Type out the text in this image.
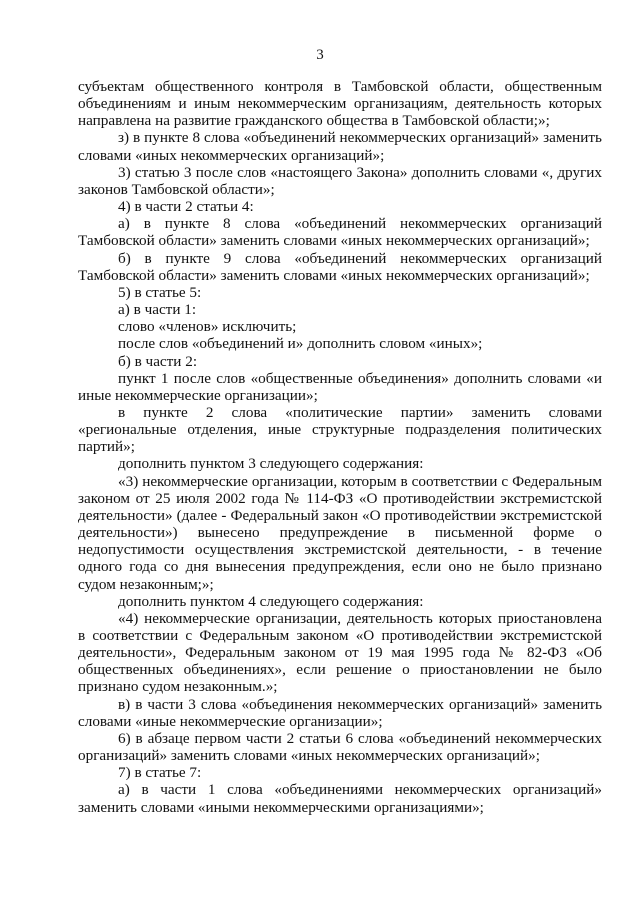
3

субъектам общественного контроля в Тамбовской области, общественным объединениям и иным некоммерческим организациям, деятельность которых направлена на развитие гражданского общества в Тамбовской области;»;

з) в пункте 8 слова «объединений некоммерческих организаций» заменить словами «иных некоммерческих организаций»;

3) статью 3 после слов «настоящего Закона» дополнить словами «, других законов Тамбовской области»;

4) в части 2 статьи 4:

а) в пункте 8 слова «объединений некоммерческих организаций Тамбовской области» заменить словами «иных некоммерческих организаций»;

б) в пункте 9 слова «объединений некоммерческих организаций Тамбовской области» заменить словами «иных некоммерческих организаций»;

5) в статье 5:

а) в части 1:

слово «членов» исключить;

после слов «объединений и» дополнить словом «иных»;

б) в части 2:

пункт 1 после слов «общественные объединения» дополнить словами «и иные некоммерческие организации»;

в пункте 2 слова «политические партии» заменить словами «региональные отделения, иные структурные подразделения политических партий»;

дополнить пунктом 3 следующего содержания:

«3) некоммерческие организации, которым в соответствии с Федеральным законом от 25 июля 2002 года № 114-ФЗ «О противодействии экстремистской деятельности» (далее - Федеральный закон «О противодействии экстремистской деятельности») вынесено предупреждение в письменной форме о недопустимости осуществления экстремистской деятельности, - в течение одного года со дня вынесения предупреждения, если оно не было признано судом незаконным;»;

дополнить пунктом 4 следующего содержания:

«4) некоммерческие организации, деятельность которых приостановлена в соответствии с Федеральным законом «О противодействии экстремистской деятельности», Федеральным законом от 19 мая 1995 года № 82-ФЗ «Об общественных объединениях», если решение о приостановлении не было признано судом незаконным.»;

в) в части 3 слова «объединения некоммерческих организаций» заменить словами «иные некоммерческие организации»;

6) в абзаце первом части 2 статьи 6 слова «объединений некоммерческих организаций» заменить словами «иных некоммерческих организаций»;

7) в статье 7:

а) в части 1 слова «объединениями некоммерческих организаций» заменить словами «иными некоммерческими организациями»;
